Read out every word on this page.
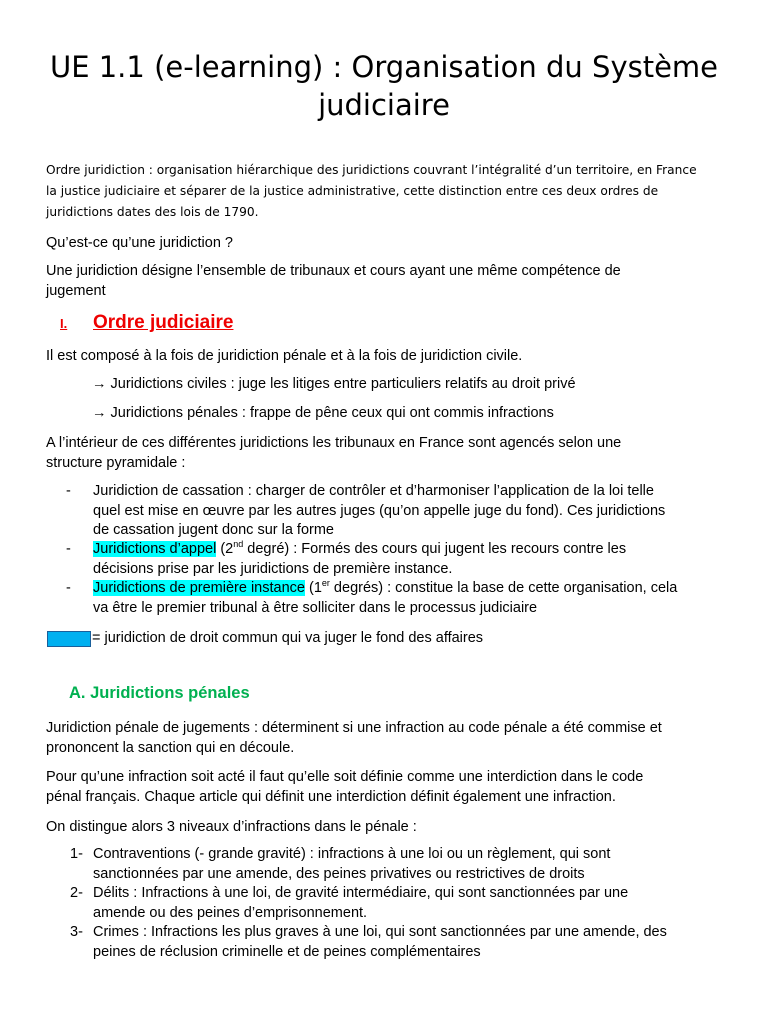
UE 1.1 (e-learning) : Organisation du Système judiciaire

Ordre juridiction : organisation hiérarchique des juridictions couvrant l’intégralité d’un territoire, en France

la justice judiciaire et séparer de la justice administrative, cette distinction entre ces deux ordres de

juridictions dates des lois de 1790.

Qu’est-ce qu’une juridiction ?

Une juridiction désigne l’ensemble de tribunaux et cours ayant une même compétence de

jugement

I. Ordre judiciaire

Il est composé à la fois de juridiction pénale et à la fois de juridiction civile.

→ Juridictions civiles : juge les litiges entre particuliers relatifs au droit privé

→ Juridictions pénales : frappe de pêne ceux qui ont commis infractions

A l’intérieur de ces différentes juridictions les tribunaux en France sont agencés selon une

structure pyramidale :

- Juridiction de cassation : charger de contrôler et d’harmoniser l’application de la loi telle
quel est mise en œuvre par les autres juges (qu’on appelle juge du fond). Ces juridictions
de cassation jugent donc sur la forme
- Juridictions d’appel (2nd degré) : Formés des cours qui jugent les recours contre les
décisions prise par les juridictions de première instance.
- Juridictions de première instance (1er degrés) : constitue la base de cette organisation, cela
va être le premier tribunal à être solliciter dans le processus judiciaire

= juridiction de droit commun qui va juger le fond des affaires

A. Juridictions pénales

Juridiction pénale de jugements : déterminent si une infraction au code pénale a été commise et

prononcent la sanction qui en découle.

Pour qu’une infraction soit acté il faut qu’elle soit définie comme une interdiction dans le code

pénal français. Chaque article qui définit une interdiction définit également une infraction.

On distingue alors 3 niveaux d’infractions dans le pénale :

1- Contraventions (- grande gravité) : infractions à une loi ou un règlement, qui sont
sanctionnées par une amende, des peines privatives ou restrictives de droits
2- Délits : Infractions à une loi, de gravité intermédiaire, qui sont sanctionnées par une
amende ou des peines d’emprisonnement.
3- Crimes : Infractions les plus graves à une loi, qui sont sanctionnées par une amende, des
peines de réclusion criminelle et de peines complémentaires
